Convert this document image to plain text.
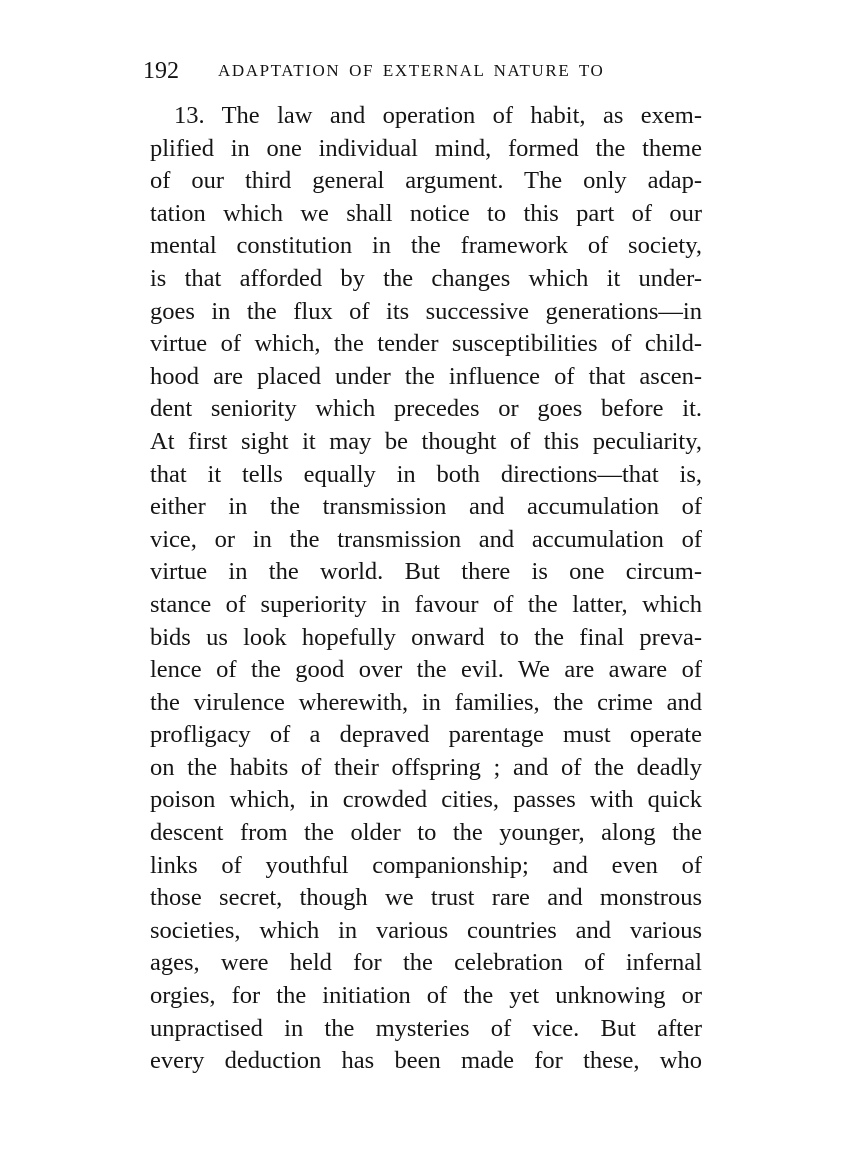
192 ADAPTATION OF EXTERNAL NATURE TO
13. The law and operation of habit, as exem-
plified in one individual mind, formed the theme
of our third general argument. The only adap-
tation which we shall notice to this part of our
mental constitution in the framework of society,
is that afforded by the changes which it under-
goes in the flux of its successive generations—in
virtue of which, the tender susceptibilities of child-
hood are placed under the influence of that ascen-
dent seniority which precedes or goes before it.
At first sight it may be thought of this peculiarity,
that it tells equally in both directions—that is,
either in the transmission and accumulation of
vice, or in the transmission and accumulation of
virtue in the world. But there is one circum-
stance of superiority in favour of the latter, which
bids us look hopefully onward to the final preva-
lence of the good over the evil. We are aware of
the virulence wherewith, in families, the crime and
profligacy of a depraved parentage must operate
on the habits of their offspring ; and of the deadly
poison which, in crowded cities, passes with quick
descent from the older to the younger, along the
links of youthful companionship; and even of
those secret, though we trust rare and monstrous
societies, which in various countries and various
ages, were held for the celebration of infernal
orgies, for the initiation of the yet unknowing or
unpractised in the mysteries of vice. But after
every deduction has been made for these, who
